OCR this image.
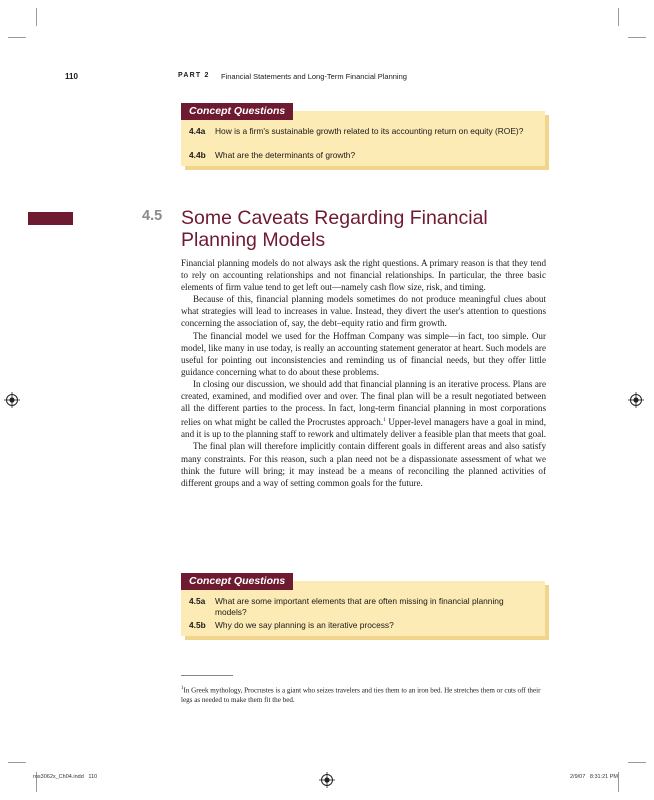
110	PART 2 Financial Statements and Long-Term Financial Planning
Concept Questions
4.4a How is a firm's sustainable growth related to its accounting return on equity (ROE)?
4.4b What are the determinants of growth?
4.5 Some Caveats Regarding Financial Planning Models

Financial planning models do not always ask the right questions. A primary reason is that they tend to rely on accounting relationships and not financial relationships. In particular, the three basic elements of firm value tend to get left out—namely cash flow size, risk, and timing.

Because of this, financial planning models sometimes do not produce meaningful clues about what strategies will lead to increases in value. Instead, they divert the user's attention to questions concerning the association of, say, the debt–equity ratio and firm growth.

The financial model we used for the Hoffman Company was simple—in fact, too simple. Our model, like many in use today, is really an accounting statement generator at heart. Such models are useful for pointing out inconsistencies and reminding us of financial needs, but they offer little guidance concerning what to do about these problems.

In closing our discussion, we should add that financial planning is an iterative process. Plans are created, examined, and modified over and over. The final plan will be a result negotiated between all the different parties to the process. In fact, long-term financial planning in most corporations relies on what might be called the Procrustes approach.$^1$ Upper-level managers have a goal in mind, and it is up to the planning staff to rework and ultimately deliver a feasible plan that meets that goal.

The final plan will therefore implicitly contain different goals in different areas and also satisfy many constraints. For this reason, such a plan need not be a dispassionate assessment of what we think the future will bring; it may instead be a means of reconciling the planned activities of different groups and a way of setting common goals for the future.

Concept Questions
4.5a What are some important elements that are often missing in financial planning models?
4.5b Why do we say planning is an iterative process?
$^1$In Greek mythology, Procrustes is a giant who seizes travelers and ties them to an iron bed. He stretches them or cuts off their legs as needed to make them fit the bed.
ros3062x_Ch04.indd   110	2/9/07   8:31:21 PM
